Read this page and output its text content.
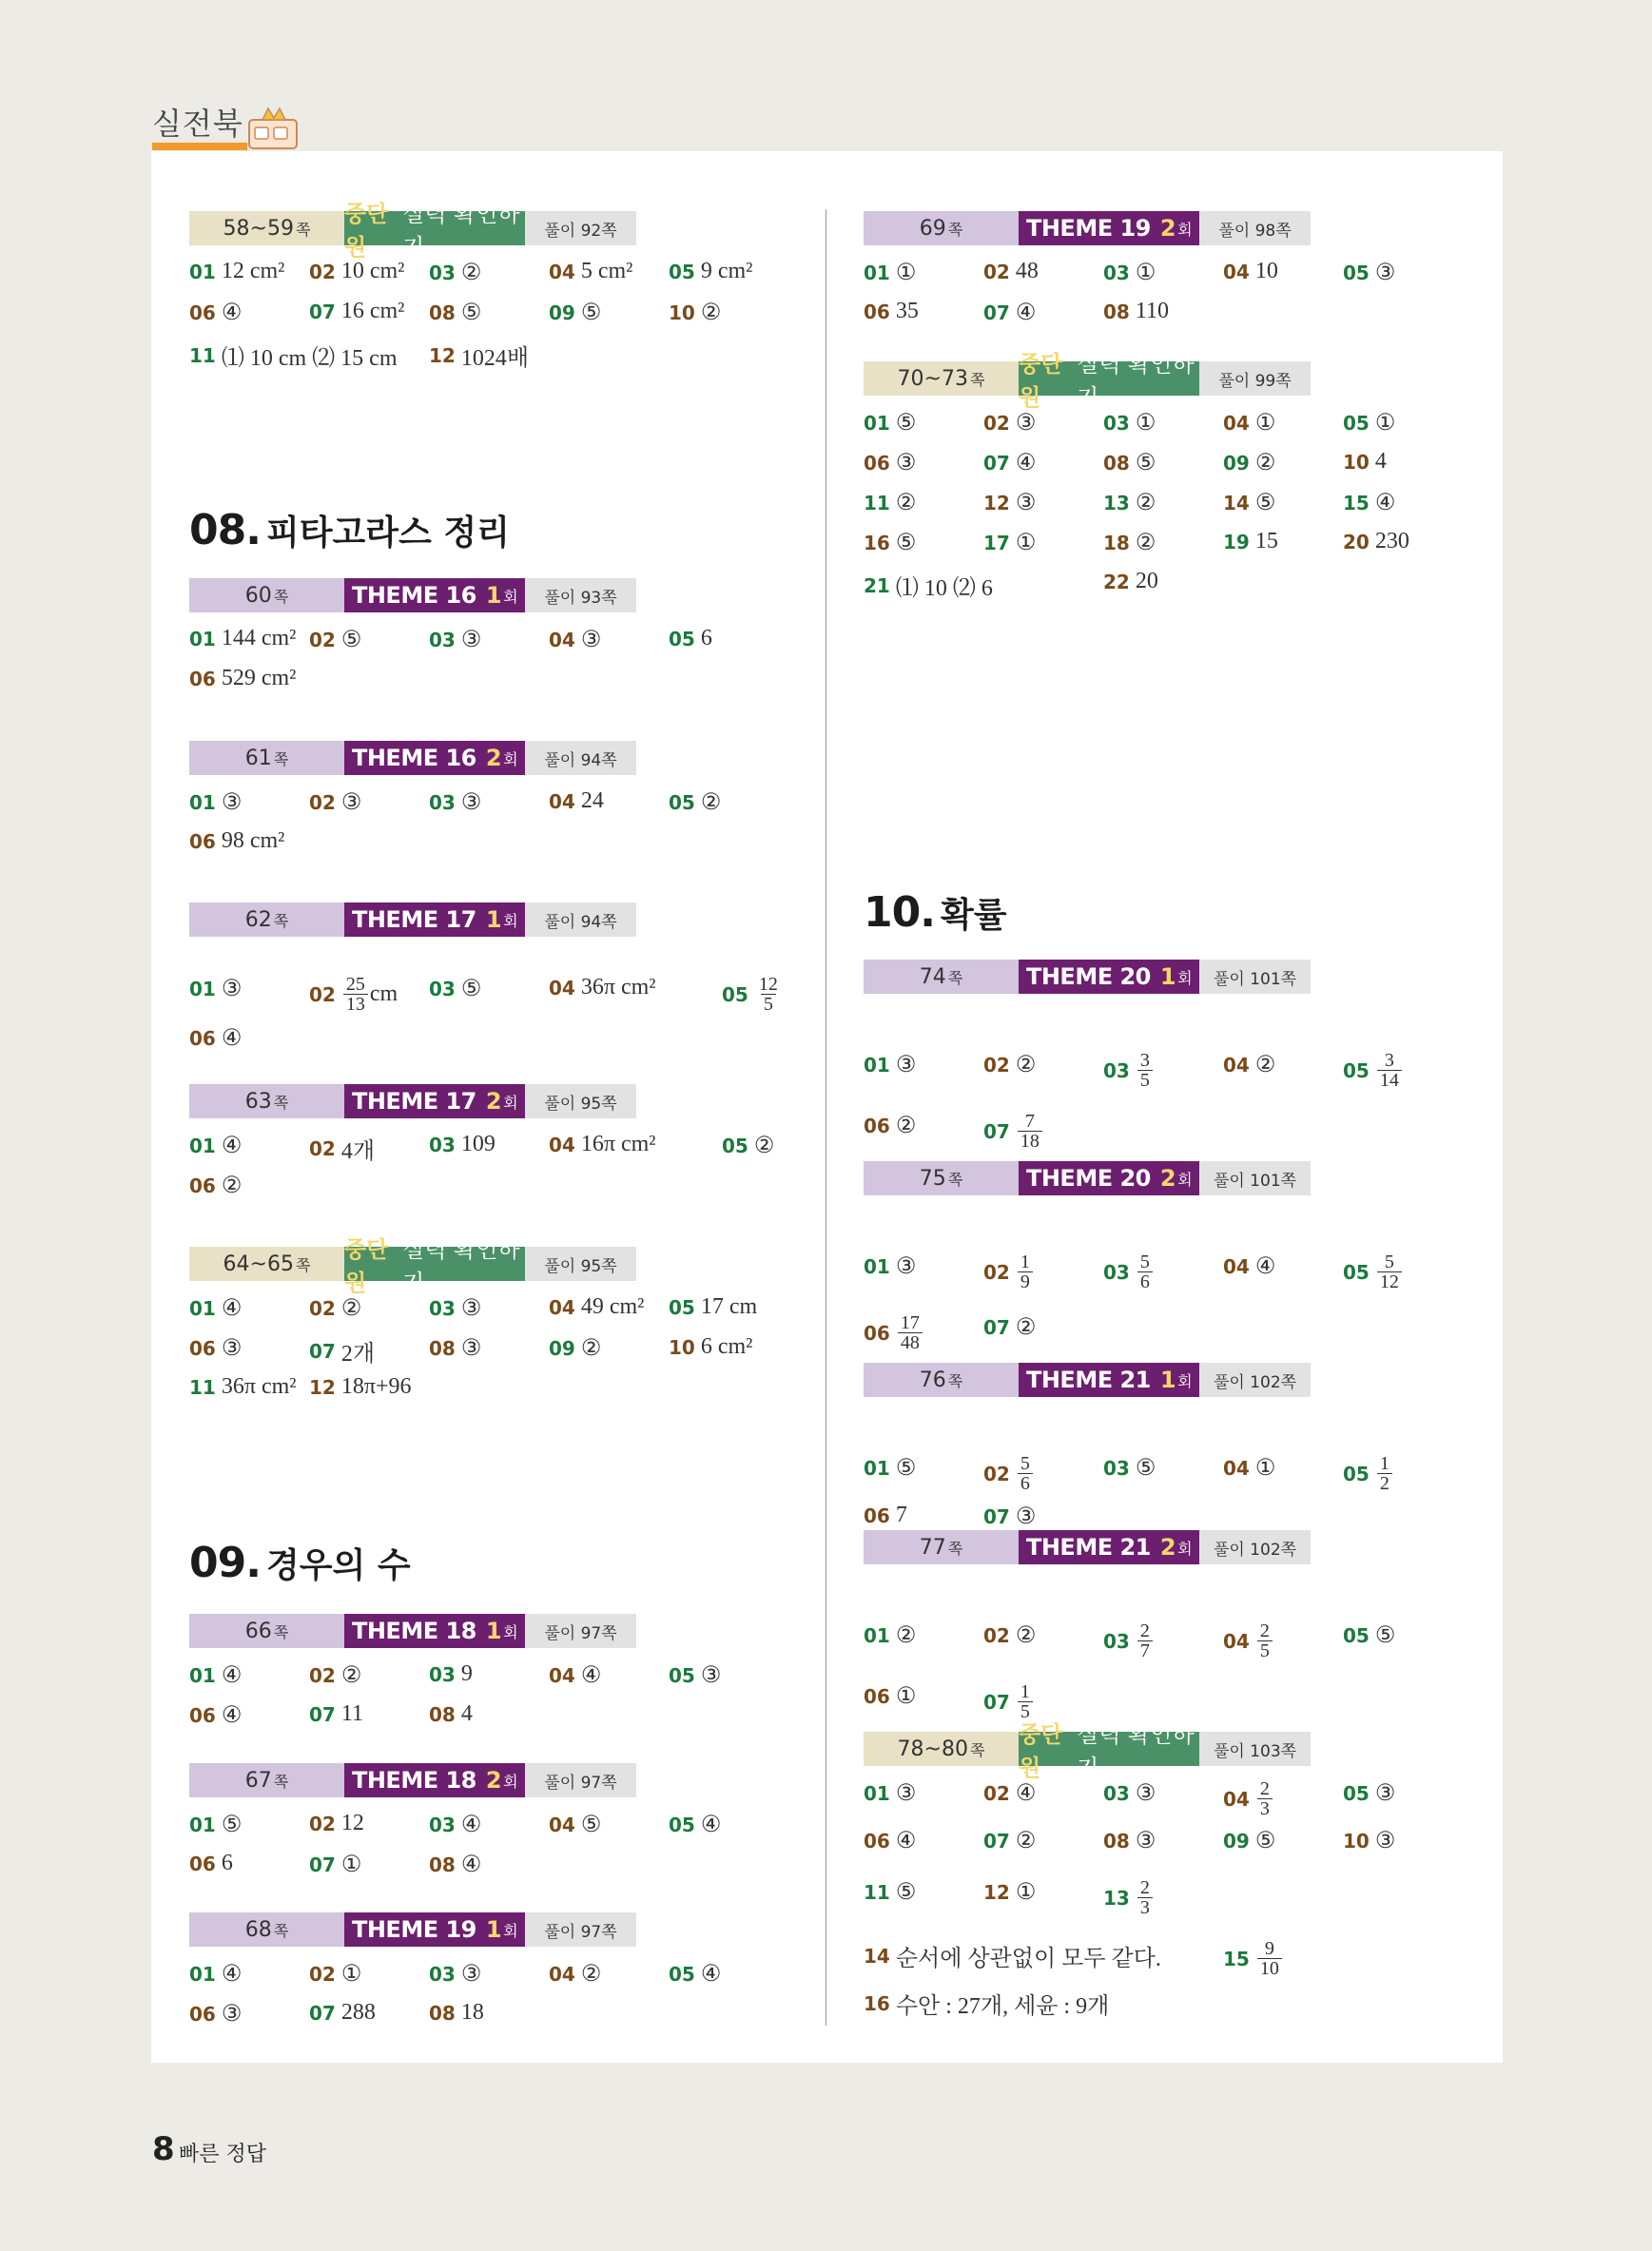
실전북
58~59 쪽
중단원
실력 확인하기
풀이 92쪽
01 12 cm² 02 10 cm² 03 ②	04 5 cm² 05 9 cm²
06 ④	07 16 cm² 08 ⑤	09 ⑤	10 ②
11 ⑴ 10 cm ⑵ 15 cm 12 1024배
08. 피타고라스 정리
60 쪽	THEME 16 1 회	풀이 93쪽
01 144 cm² 02 ⑤	03 ③	04 ③	05 6
06 529 cm²
61 쪽	THEME 16 2 회	풀이 94쪽
01 ③	02 ③	03 ③	04 24	05 ②
06 98 cm²
62 쪽	THEME 17 1 회	풀이 94쪽
01 ③	$02 \frac{25}{13}$ cm 03 ⑤	04 36π cm²	$05 \frac{12}{5}$
06 ④
63 쪽	THEME 17 2 회	풀이 95쪽
01 ④	02 4개	03 109	04 16π cm²	05 ②
06 ②
64~65 쪽
중단원
실력 확인하기
풀이 95쪽
01 ④	02 ②	03 ③	04 49 cm² 05 17 cm
06 ③	07 2개	08 ③	09 ②	10 6 cm²
11 36π cm² 12 18π+96
09. 경우의 수
66 쪽	THEME 18 1 회	풀이 97쪽
01 ④	02 ②	03 9	04 ④	05 ③
06 ④	07 11	08 4
67 쪽	THEME 18 2 회	풀이 97쪽
01 ⑤	02 12	03 ④	04 ⑤	05 ④
06 6	07 ①	08 ④
68 쪽	THEME 19 1 회	풀이 97쪽
01 ④	02 ①	03 ③	04 ②	05 ④
06 ③	07 288	08 18
69 쪽	THEME 19 2 회	풀이 98쪽
01 ①	02 48	03 ①	04 10	05 ③
06 35	07 ④	08 110
70~73 쪽
중단원
실력 확인하기
풀이 99쪽
01 ⑤	02 ③	03 ①	04 ①	05 ①
06 ③	07 ④	08 ⑤	09 ②	10 4
11 ②	12 ③	13 ②	14 ⑤	15 ④
16 ⑤	17 ①	18 ②	19 15	20 230
21 ⑴ 10 ⑵ 6	22 20
10. 확률
74 쪽	THEME 20 1 회	풀이 101쪽
01 ③	02 ②	$03 \frac{3}{5}$	04 ②	$05 \frac{3}{14}$
06 ②	$07 \frac{7}{18}$
75 쪽	THEME 20 2 회	풀이 101쪽
01 ③	$02 \frac{1}{9}$	$03 \frac{5}{6}$	04 ④	$05 \frac{5}{12}$
$06 \frac{17}{48}$	07 ②
76 쪽	THEME 21 1 회	풀이 102쪽
01 ⑤	$02 \frac{5}{6}$	03 ⑤	04 ①	$05 \frac{1}{2}$
06 7	07 ③
77 쪽	THEME 21 2 회	풀이 102쪽
01 ②	02 ②	$03 \frac{2}{7}$	$04 \frac{2}{5}$	05 ⑤
06 ①	$07 \frac{1}{5}$
78~80 쪽
중단원
실력 확인하기
풀이 103쪽
01 ③	02 ④	03 ③	$04 \frac{2}{3}$	05 ③
06 ④	07 ②	08 ③	09 ⑤	10 ③
11 ⑤	12 ①	$13 \frac{2}{3}$
14 순서에 상관없이 모두 같다.	$15 \frac{9}{10}$
16 수안 : 27개, 세윤 : 9개
8 빠른 정답
